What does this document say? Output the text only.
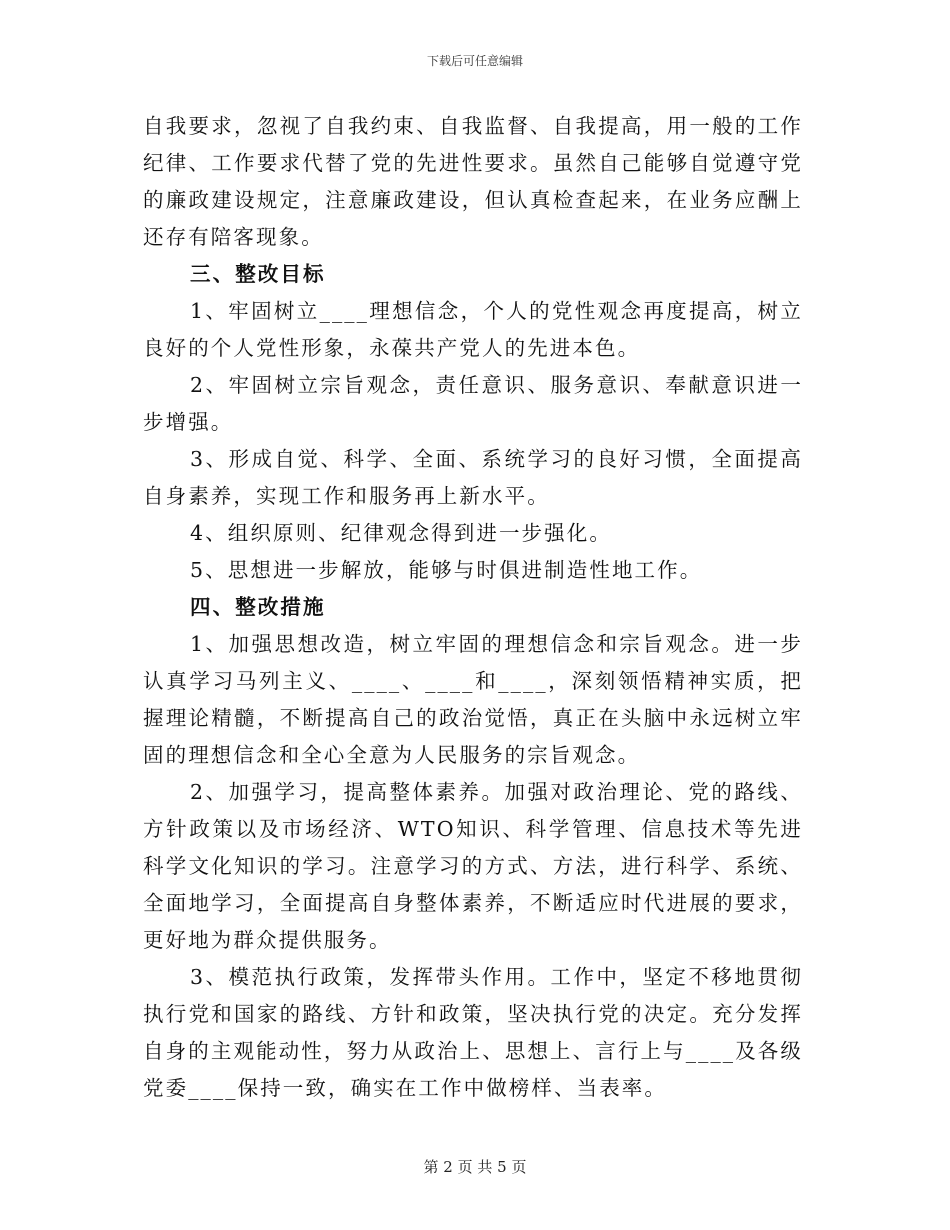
下载后可任意编辑

自我要求，忽视了自我约束、自我监督、自我提高，用一般的工作纪律、工作要求代替了党的先进性要求。虽然自己能够自觉遵守党的廉政建设规定，注意廉政建设，但认真检查起来，在业务应酬上还存有陪客现象。

三、整改目标

1、牢固树立____理想信念，个人的党性观念再度提高，树立良好的个人党性形象，永葆共产党人的先进本色。

2、牢固树立宗旨观念，责任意识、服务意识、奉献意识进一步增强。

3、形成自觉、科学、全面、系统学习的良好习惯，全面提高自身素养，实现工作和服务再上新水平。

4、组织原则、纪律观念得到进一步强化。

5、思想进一步解放，能够与时俱进制造性地工作。

四、整改措施

1、加强思想改造，树立牢固的理想信念和宗旨观念。进一步认真学习马列主义、____、____和____，深刻领悟精神实质，把握理论精髓，不断提高自己的政治觉悟，真正在头脑中永远树立牢固的理想信念和全心全意为人民服务的宗旨观念。

2、加强学习，提高整体素养。加强对政治理论、党的路线、方针政策以及市场经济、WTO知识、科学管理、信息技术等先进科学文化知识的学习。注意学习的方式、方法，进行科学、系统、全面地学习，全面提高自身整体素养，不断适应时代进展的要求，更好地为群众提供服务。

3、模范执行政策，发挥带头作用。工作中，坚定不移地贯彻执行党和国家的路线、方针和政策，坚决执行党的决定。充分发挥自身的主观能动性，努力从政治上、思想上、言行上与____及各级党委____保持一致，确实在工作中做榜样、当表率。

第 2 页 共 5 页
